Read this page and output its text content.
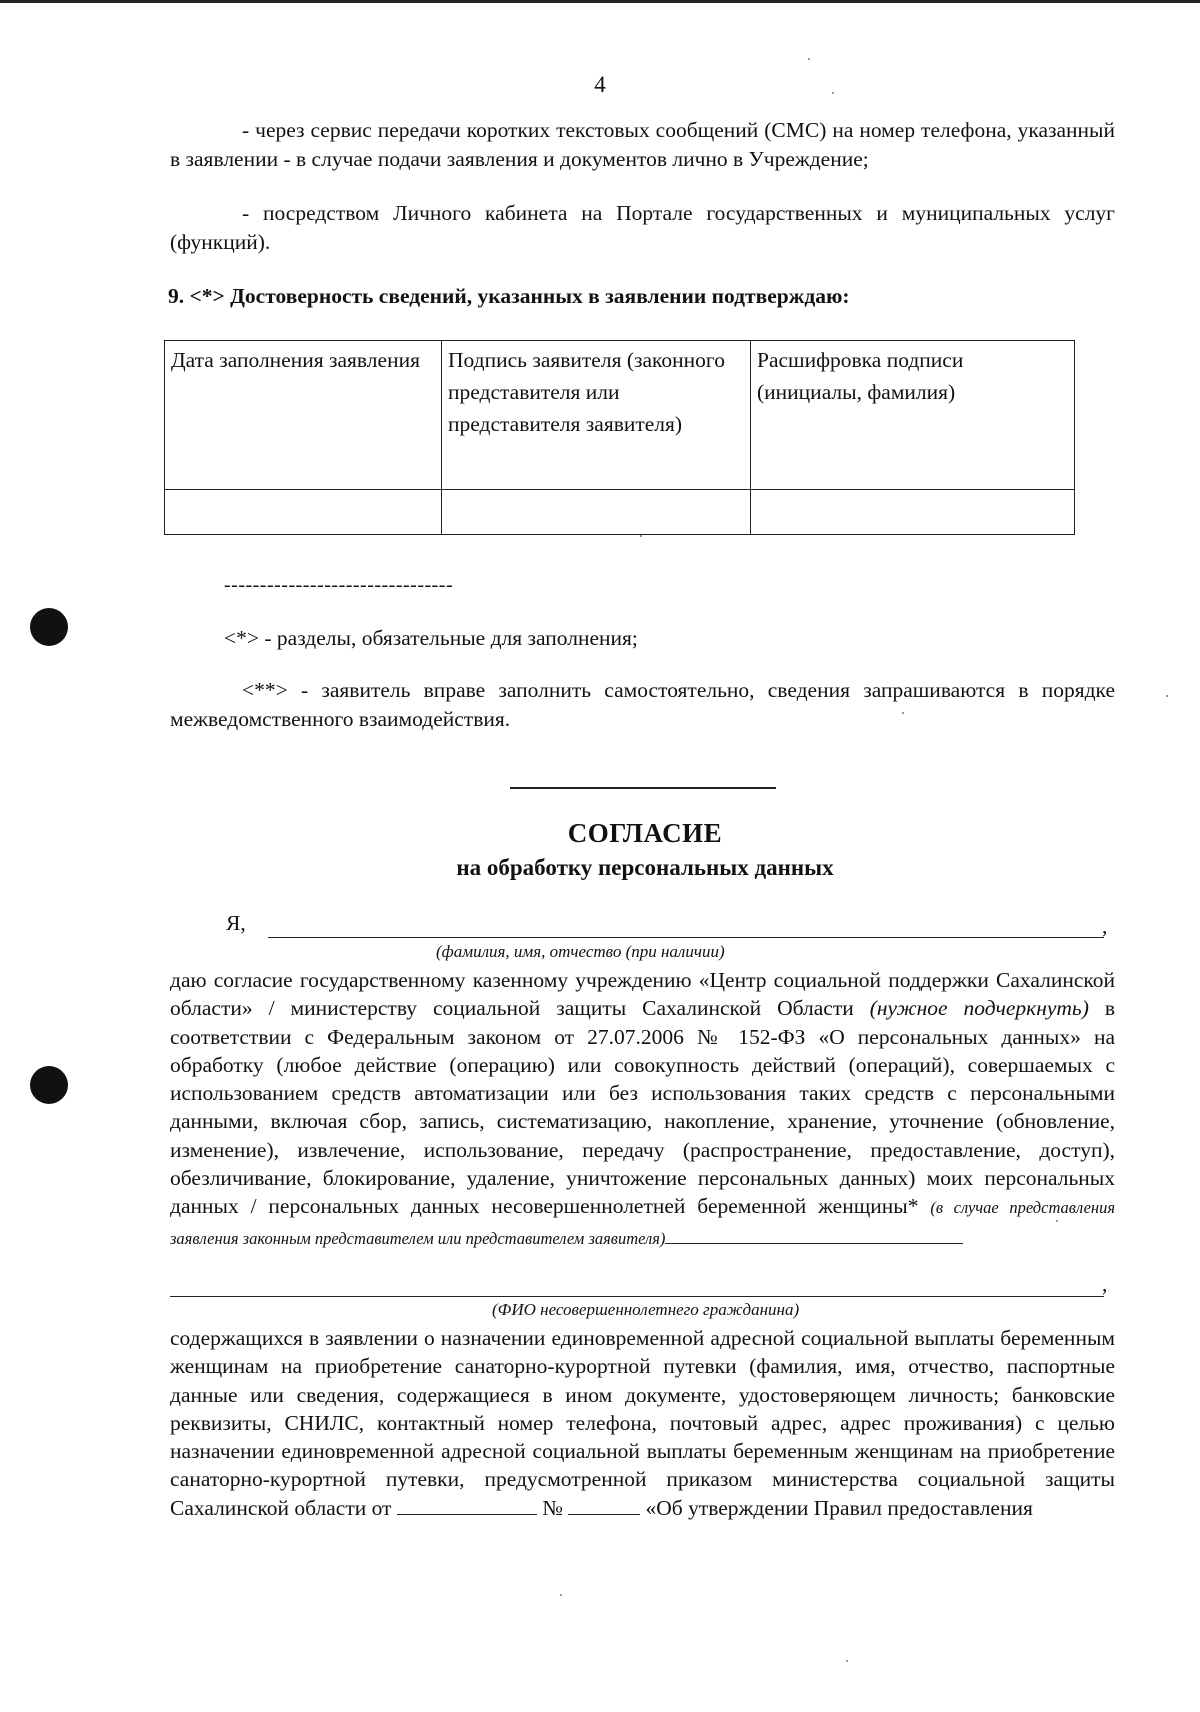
4

- через сервис передачи коротких текстовых сообщений (СМС) на номер телефона, указанный в заявлении - в случае подачи заявления и документов лично в Учреждение;

- посредством Личного кабинета на Портале государственных и муниципальных услуг (функций).

9. <*> Достоверность сведений, указанных в заявлении подтверждаю:
Дата заполнения заявления	Подпись заявителя (законного представителя или представителя заявителя)	Расшифровка подписи (инициалы, фамилия)

--------------------------------
<*> - разделы, обязательные для заполнения;

<**> - заявитель вправе заполнить самостоятельно, сведения запрашиваются в порядке межведомственного взаимодействия.

СОГЛАСИЕ
на обработку персональных данных
Я,	,
(фамилия, имя, отчество (при наличии)

даю согласие государственному казенному учреждению «Центр социальной поддержки Сахалинской области» / министерству социальной защиты Сахалинской Области (нужное подчеркнуть) в соответствии с Федеральным законом от 27.07.2006 № 152-ФЗ «О персональных данных» на обработку (любое действие (операцию) или совокупность действий (операций), совершаемых с использованием средств автоматизации или без использования таких средств с персональными данными, включая сбор, запись, систематизацию, накопление, хранение, уточнение (обновление, изменение), извлечение, использование, передачу (распространение, предоставление, доступ), обезличивание, блокирование, удаление, уничтожение персональных данных) моих персональных данных / персональных данных несовершеннолетней беременной женщины* (в случае представления заявления законным представителем или представителем заявителя)

,
(ФИО несовершеннолетнего гражданина)

содержащихся в заявлении о назначении единовременной адресной социальной выплаты беременным женщинам на приобретение санаторно-курортной путевки (фамилия, имя, отчество, паспортные данные или сведения, содержащиеся в ином документе, удостоверяющем личность; банковские реквизиты, СНИЛС, контактный номер телефона, почтовый адрес, адрес проживания) с целью назначении единовременной адресной социальной выплаты беременным женщинам на приобретение санаторно-курортной путевки, предусмотренной приказом министерства социальной защиты Сахалинской области от	№	«Об утверждении Правил предоставления
